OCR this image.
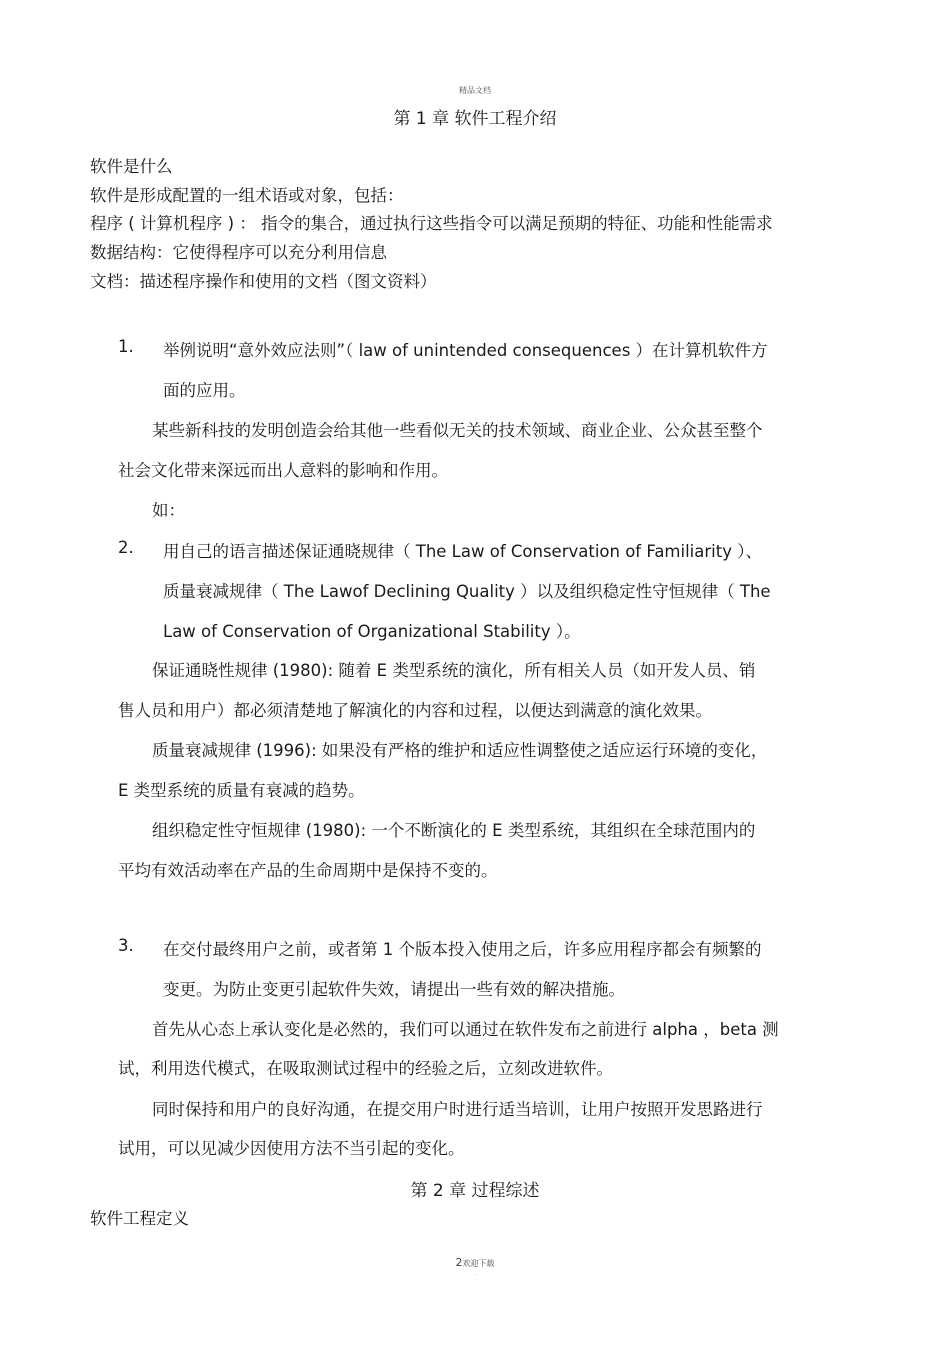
精品文档
第 1 章 软件工程介绍
软件是什么
软件是形成配置的一组术语或对象，包括：
程序 ( 计算机程序 ) ： 指令的集合，通过执行这些指令可以满足预期的特征、功能和性能需求
数据结构：它使得程序可以充分利用信息
文档：描述程序操作和使用的文档（图文资料）
1. 举例说明“意外效应法则”（ law of unintended consequences ）在计算机软件方
面的应用。
某些新科技的发明创造会给其他一些看似无关的技术领域、商业企业、公众甚至整个
社会文化带来深远而出人意料的影响和作用。
如：
2. 用自己的语言描述保证通晓规律（ The Law of Conservation of Familiarity ）、
质量衰减规律（ The Lawof Declining Quality ）以及组织稳定性守恒规律（ The
Law of Conservation of Organizational Stability ）。
保证通晓性规律 (1980): 随着 E 类型系统的演化，所有相关人员（如开发人员、销
售人员和用户）都必须清楚地了解演化的内容和过程，以便达到满意的演化效果。
质量衰减规律 (1996): 如果没有严格的维护和适应性调整使之适应运行环境的变化，
E 类型系统的质量有衰减的趋势。
组织稳定性守恒规律 (1980): 一个不断演化的 E 类型系统，其组织在全球范围内的
平均有效活动率在产品的生命周期中是保持不变的。
3. 在交付最终用户之前，或者第 1 个版本投入使用之后，许多应用程序都会有频繁的
变更。为防止变更引起软件失效，请提出一些有效的解决措施。
首先从心态上承认变化是必然的，我们可以通过在软件发布之前进行 alpha ，beta 测
试，利用迭代模式，在吸取测试过程中的经验之后，立刻改进软件。
同时保持和用户的良好沟通，在提交用户时进行适当培训，让用户按照开发思路进行
试用，可以见减少因使用方法不当引起的变化。
第 2 章 过程综述
软件工程定义
2欢迎下载
.
